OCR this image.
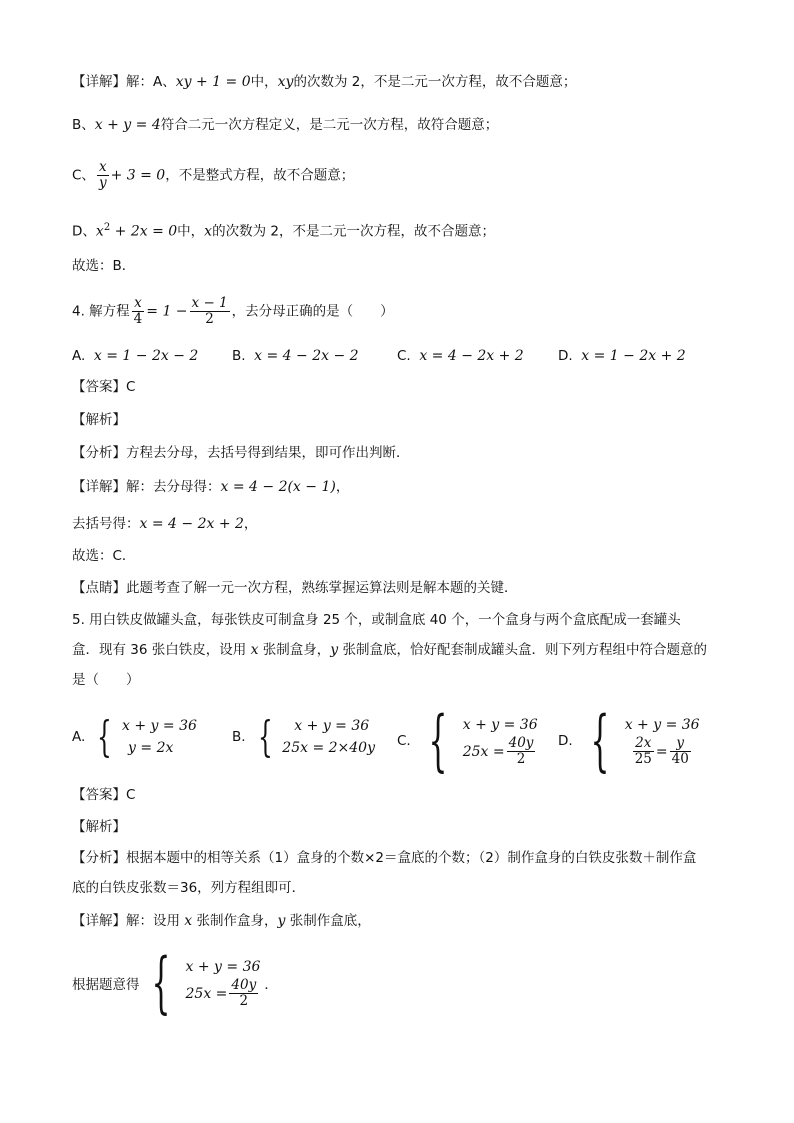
【详解】解：A、xy + 1 = 0中，xy的次数为 2，不是二元一次方程，故不合题意；
B、x + y = 4符合二元一次方程定义，是二元一次方程，故符合题意；
C、 $\frac{x}{y} + 3 = 0$，不是整式方程，故不合题意；
D、$x^2 + 2x = 0$中，x的次数为 2，不是二元一次方程，故不合题意；
故选：B．
4. 解方程 $\frac{x}{4} = 1 - \frac{x - 1}{2}$ ，去分母正确的是（　　）
A. x = 1 − 2x − 2 B. x = 4 − 2x − 2	C. x = 4 − 2x + 2	D. x = 1 − 2x + 2
【答案】C
【解析】
【分析】方程去分母，去括号得到结果，即可作出判断．
【详解】解：去分母得：x = 4 − 2(x − 1)，
去括号得：x = 4 − 2x + 2，
故选：C．
【点睛】此题考查了解一元一次方程，熟练掌握运算法则是解本题的关键．
5. 用白铁皮做罐头盒，每张铁皮可制盒身 25 个，或制盒底 40 个，一个盒身与两个盒底配成一套罐头
盒．现有 36 张白铁皮，设用 x 张制盒身，y 张制盒底，恰好配套制成罐头盒．则下列方程组中符合题意的
是（　　）
A. { x + y = 36
y = 2x
B. {	x + y = 36
25x = 2×40y C. { x + y = 36
$25x = \frac{40y}{2} D$. { x + y = 36
$\frac{2x}{25} = \frac{y}{40}$
【答案】C
【解析】
【分析】根据本题中的相等关系（1）盒身的个数×2＝盒底的个数；（2）制作盒身的白铁皮张数＋制作盒
底的白铁皮张数＝36，列方程组即可．
【详解】解：设用 x 张制作盒身，y 张制作盒底，
根据题意得 { x + y = 36
$25x = \frac{40y}{2}$ ．
